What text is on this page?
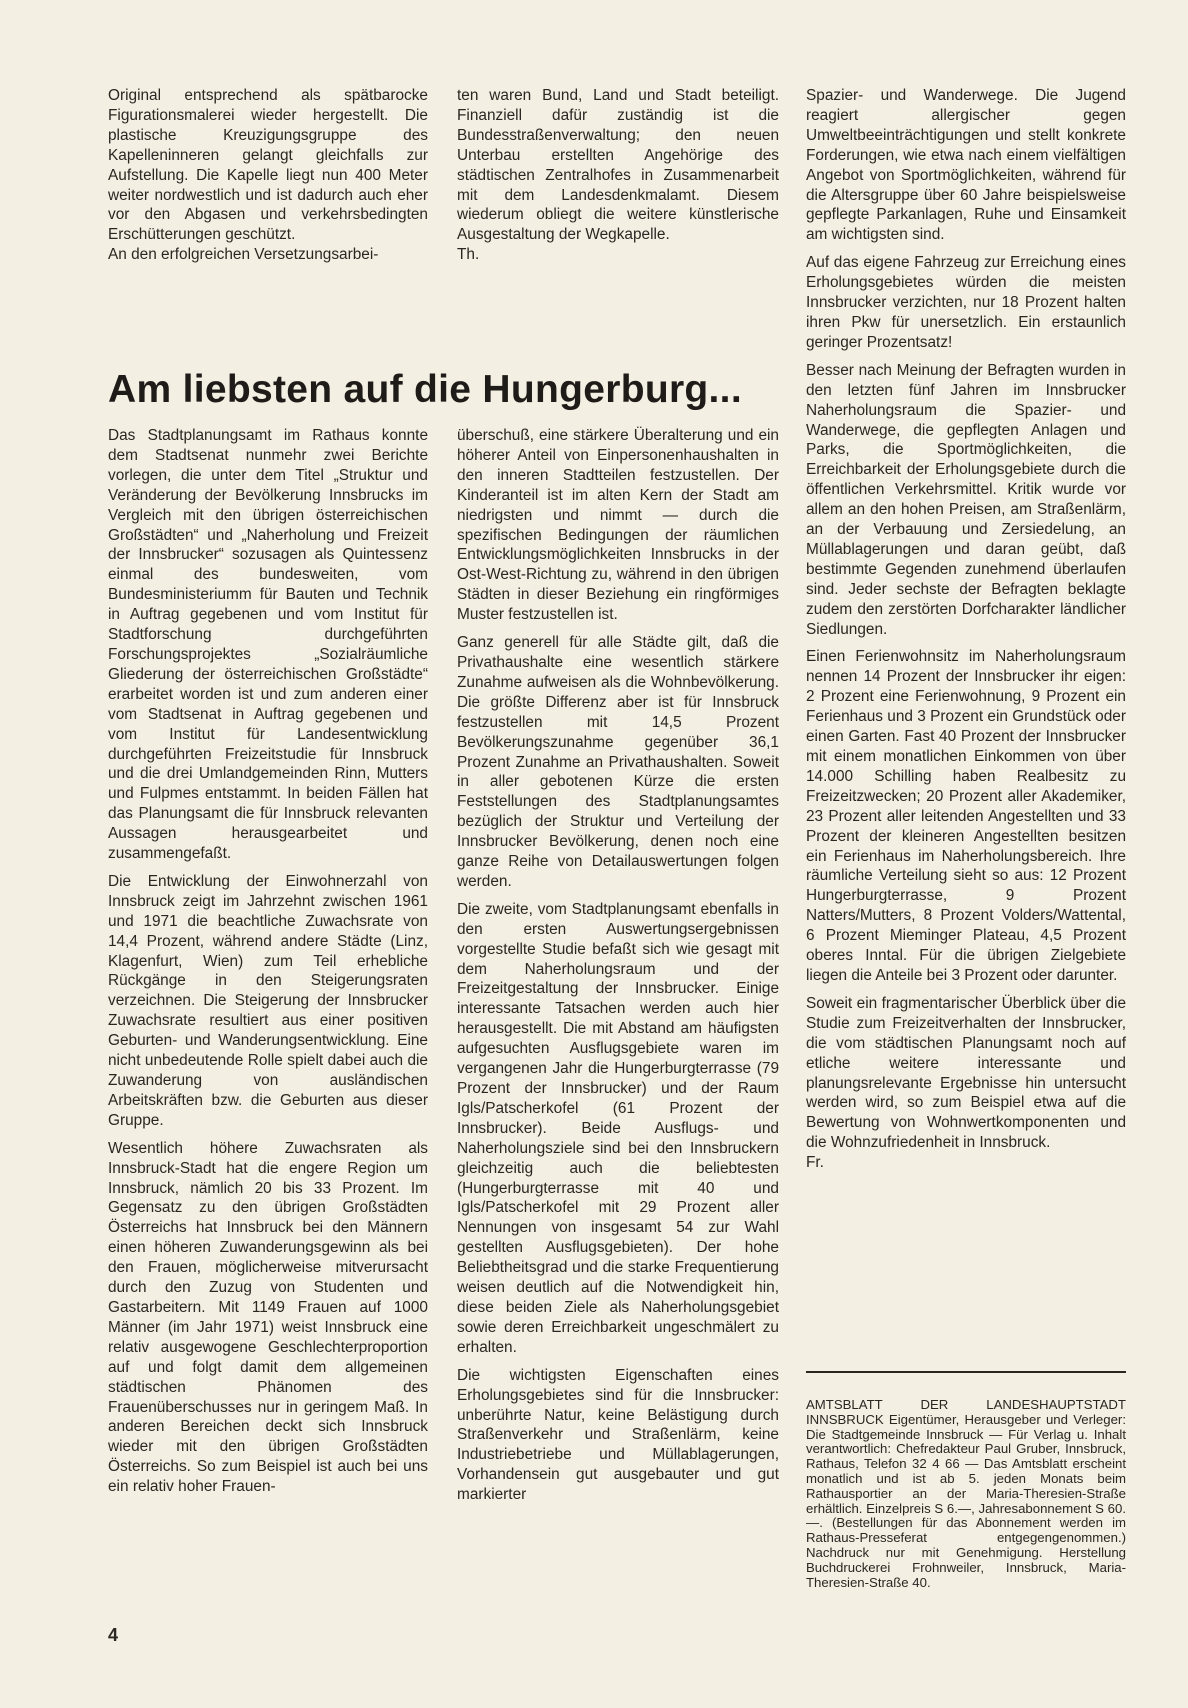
Original entsprechend als spätbarocke Figurationsmalerei wieder hergestellt. Die plastische Kreuzigungsgruppe des Kapelleninneren gelangt gleichfalls zur Aufstellung. Die Kapelle liegt nun 400 Meter weiter nordwestlich und ist dadurch auch eher vor den Abgasen und verkehrsbedingten Erschütterungen geschützt.

An den erfolgreichen Versetzungsarbei-

ten waren Bund, Land und Stadt beteiligt. Finanziell dafür zuständig ist die Bundesstraßenverwaltung; den neuen Unterbau erstellten Angehörige des städtischen Zentralhofes in Zusammenarbeit mit dem Landesdenkmalamt. Diesem wiederum obliegt die weitere künstlerische Ausgestaltung der Wegkapelle.

Th.

Am liebsten auf die Hungerburg...

Das Stadtplanungsamt im Rathaus konnte dem Stadtsenat nunmehr zwei Berichte vorlegen, die unter dem Titel „Struktur und Veränderung der Bevölkerung Innsbrucks im Vergleich mit den übrigen österreichischen Großstädten“ und „Naherholung und Freizeit der Innsbrucker“ sozusagen als Quintessenz einmal des bundesweiten, vom Bundesministeriumm für Bauten und Technik in Auftrag gegebenen und vom Institut für Stadtforschung durchgeführten Forschungsprojektes „Sozialräumliche Gliederung der österreichischen Großstädte“ erarbeitet worden ist und zum anderen einer vom Stadtsenat in Auftrag gegebenen und vom Institut für Landesentwicklung durchgeführten Freizeitstudie für Innsbruck und die drei Umlandgemeinden Rinn, Mutters und Fulpmes entstammt. In beiden Fällen hat das Planungsamt die für Innsbruck relevanten Aussagen herausgearbeitet und zusammengefaßt.

Die Entwicklung der Einwohnerzahl von Innsbruck zeigt im Jahrzehnt zwischen 1961 und 1971 die beachtliche Zuwachsrate von 14,4 Prozent, während andere Städte (Linz, Klagenfurt, Wien) zum Teil erhebliche Rückgänge in den Steigerungsraten verzeichnen. Die Steigerung der Innsbrucker Zuwachsrate resultiert aus einer positiven Geburten- und Wanderungsentwicklung. Eine nicht unbedeutende Rolle spielt dabei auch die Zuwanderung von ausländischen Arbeitskräften bzw. die Geburten aus dieser Gruppe.

Wesentlich höhere Zuwachsraten als Innsbruck-Stadt hat die engere Region um Innsbruck, nämlich 20 bis 33 Prozent. Im Gegensatz zu den übrigen Großstädten Österreichs hat Innsbruck bei den Männern einen höheren Zuwanderungsgewinn als bei den Frauen, möglicherweise mitverursacht durch den Zuzug von Studenten und Gastarbeitern. Mit 1149 Frauen auf 1000 Männer (im Jahr 1971) weist Innsbruck eine relativ ausgewogene Geschlechterproportion auf und folgt damit dem allgemeinen städtischen Phänomen des Frauenüberschusses nur in geringem Maß. In anderen Bereichen deckt sich Innsbruck wieder mit den übrigen Großstädten Österreichs. So zum Beispiel ist auch bei uns ein relativ hoher Frauen-

überschuß, eine stärkere Überalterung und ein höherer Anteil von Einpersonenhaushalten in den inneren Stadtteilen festzustellen. Der Kinderanteil ist im alten Kern der Stadt am niedrigsten und nimmt — durch die spezifischen Bedingungen der räumlichen Entwicklungsmöglichkeiten Innsbrucks in der Ost-West-Richtung zu, während in den übrigen Städten in dieser Beziehung ein ringförmiges Muster festzustellen ist.

Ganz generell für alle Städte gilt, daß die Privathaushalte eine wesentlich stärkere Zunahme aufweisen als die Wohnbevölkerung. Die größte Differenz aber ist für Innsbruck festzustellen mit 14,5 Prozent Bevölkerungszunahme gegenüber 36,1 Prozent Zunahme an Privathaushalten. Soweit in aller gebotenen Kürze die ersten Feststellungen des Stadtplanungsamtes bezüglich der Struktur und Verteilung der Innsbrucker Bevölkerung, denen noch eine ganze Reihe von Detailauswertungen folgen werden.

Die zweite, vom Stadtplanungsamt ebenfalls in den ersten Auswertungsergebnissen vorgestellte Studie befaßt sich wie gesagt mit dem Naherholungsraum und der Freizeitgestaltung der Innsbrucker. Einige interessante Tatsachen werden auch hier herausgestellt. Die mit Abstand am häufigsten aufgesuchten Ausflugsgebiete waren im vergangenen Jahr die Hungerburgterrasse (79 Prozent der Innsbrucker) und der Raum Igls/Patscherkofel (61 Prozent der Innsbrucker). Beide Ausflugs- und Naherholungsziele sind bei den Innsbruckern gleichzeitig auch die beliebtesten (Hungerburgterrasse mit 40 und Igls/Patscherkofel mit 29 Prozent aller Nennungen von insgesamt 54 zur Wahl gestellten Ausflugsgebieten). Der hohe Beliebtheitsgrad und die starke Frequentierung weisen deutlich auf die Notwendigkeit hin, diese beiden Ziele als Naherholungsgebiet sowie deren Erreichbarkeit ungeschmälert zu erhalten.

Die wichtigsten Eigenschaften eines Erholungsgebietes sind für die Innsbrucker: unberührte Natur, keine Belästigung durch Straßenverkehr und Straßenlärm, keine Industriebetriebe und Müllablagerungen, Vorhandensein gut ausgebauter und gut markierter

Spazier- und Wanderwege. Die Jugend reagiert allergischer gegen Umweltbeeinträchtigungen und stellt konkrete Forderungen, wie etwa nach einem vielfältigen Angebot von Sportmöglichkeiten, während für die Altersgruppe über 60 Jahre beispielsweise gepflegte Parkanlagen, Ruhe und Einsamkeit am wichtigsten sind.

Auf das eigene Fahrzeug zur Erreichung eines Erholungsgebietes würden die meisten Innsbrucker verzichten, nur 18 Prozent halten ihren Pkw für unersetzlich. Ein erstaunlich geringer Prozentsatz!

Besser nach Meinung der Befragten wurden in den letzten fünf Jahren im Innsbrucker Naherholungsraum die Spazier- und Wanderwege, die gepflegten Anlagen und Parks, die Sportmöglichkeiten, die Erreichbarkeit der Erholungsgebiete durch die öffentlichen Verkehrsmittel. Kritik wurde vor allem an den hohen Preisen, am Straßenlärm, an der Verbauung und Zersiedelung, an Müllablagerungen und daran geübt, daß bestimmte Gegenden zunehmend überlaufen sind. Jeder sechste der Befragten beklagte zudem den zerstörten Dorfcharakter ländlicher Siedlungen.

Einen Ferienwohnsitz im Naherholungsraum nennen 14 Prozent der Innsbrucker ihr eigen: 2 Prozent eine Ferienwohnung, 9 Prozent ein Ferienhaus und 3 Prozent ein Grundstück oder einen Garten. Fast 40 Prozent der Innsbrucker mit einem monatlichen Einkommen von über 14.000 Schilling haben Realbesitz zu Freizeitzwecken; 20 Prozent aller Akademiker, 23 Prozent aller leitenden Angestellten und 33 Prozent der kleineren Angestellten besitzen ein Ferienhaus im Naherholungsbereich. Ihre räumliche Verteilung sieht so aus: 12 Prozent Hungerburgterrasse, 9 Prozent Natters/Mutters, 8 Prozent Volders/Wattental, 6 Prozent Mieminger Plateau, 4,5 Prozent oberes Inntal. Für die übrigen Zielgebiete liegen die Anteile bei 3 Prozent oder darunter.

Soweit ein fragmentarischer Überblick über die Studie zum Freizeitverhalten der Innsbrucker, die vom städtischen Planungsamt noch auf etliche weitere interessante und planungsrelevante Ergebnisse hin untersucht werden wird, so zum Beispiel etwa auf die Bewertung von Wohnwertkomponenten und die Wohnzufriedenheit in Innsbruck.

Fr.

AMTSBLATT DER LANDESHAUPTSTADT INNSBRUCK Eigentümer, Herausgeber und Verleger: Die Stadtgemeinde Innsbruck — Für Verlag u. Inhalt verantwortlich: Chefredakteur Paul Gruber, Innsbruck, Rathaus, Telefon 32 4 66 — Das Amtsblatt erscheint monatlich und ist ab 5. jeden Monats beim Rathausportier an der Maria-Theresien-Straße erhältlich. Einzelpreis S 6.—, Jahresabonnement S 60.—. (Bestellungen für das Abonnement werden im Rathaus-Presseferat entgegengenommen.) Nachdruck nur mit Genehmigung. Herstellung Buchdruckerei Frohnweiler, Innsbruck, Maria-Theresien-Straße 40.

4
